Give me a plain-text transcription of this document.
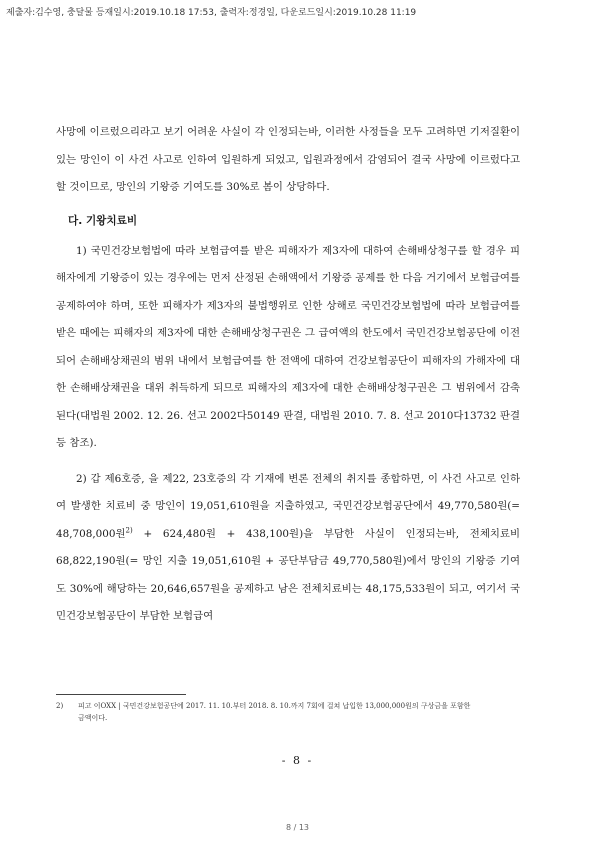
제출자:김수영, 충달물 등재일시:2019.10.18 17:53, 출력자:정경일, 다운로드일시:2019.10.28 11:19

사망에 이르렀으리라고 보기 어려운 사실이 각 인정되는바, 이러한 사정들을 모두 고려하면 기저질환이 있는 망인이 이 사건 사고로 인하여 입원하게 되었고, 입원과정에서 감염되어 결국 사망에 이르렀다고 할 것이므로, 망인의 기왕증 기여도를 30%로 봄이 상당하다.

다. 기왕치료비

1) 국민건강보험법에 따라 보험급여를 받은 피해자가 제3자에 대하여 손해배상청구를 할 경우 피해자에게 기왕증이 있는 경우에는 먼저 산정된 손해액에서 기왕증 공제를 한 다음 거기에서 보험급여를 공제하여야 하며, 또한 피해자가 제3자의 불법행위로 인한 상해로 국민건강보험법에 따라 보험급여를 받은 때에는 피해자의 제3자에 대한 손해배상청구권은 그 급여액의 한도에서 국민건강보험공단에 이전되어 손해배상채권의 범위 내에서 보험급여를 한 전액에 대하여 건강보험공단이 피해자의 가해자에 대한 손해배상채권을 대위 취득하게 되므로 피해자의 제3자에 대한 손해배상청구권은 그 범위에서 감축된다(대법원 2002. 12. 26. 선고 2002다50149 판결, 대법원 2010. 7. 8. 선고 2010다13732 판결 등 참조).

2) 갑 제6호증, 을 제22, 23호증의 각 기재에 변론 전체의 취지를 종합하면, 이 사건 사고로 인하여 발생한 치료비 중 망인이 19,051,610원을 지출하였고, 국민건강보험공단에서 49,770,580원(= 48,708,000원$^{2)}$ + 624,480원 + 438,100원)을 부담한 사실이 인정되는바, 전체치료비 68,822,190원(= 망인 지출 19,051,610원 + 공단부담금 49,770,580원)에서 망인의 기왕증 기여도 30%에 해당하는 20,646,657원을 공제하고 남은 전체치료비는 48,175,533원이 되고, 여기서 국민건강보험공단이 부담한 보험급여

2) 피고 이OXX | 국민건강보험공단에 2017. 11. 10.부터 2018. 8. 10.까지 7회에 걸쳐 납입한 13,000,000원의 구상금을 포함한
금액이다.
- 8 -
8 / 13
